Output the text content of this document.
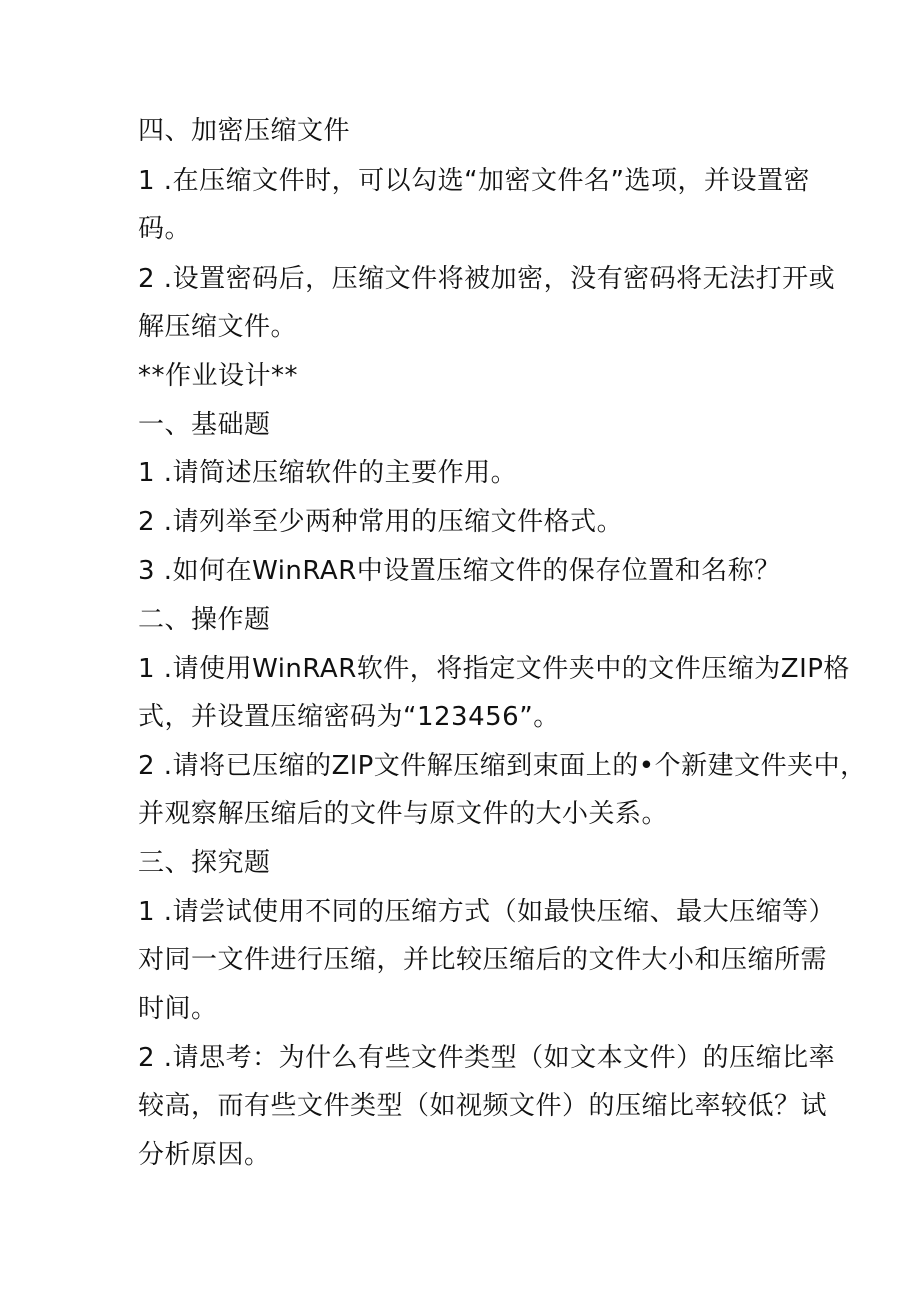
四、加密压缩文件
1 .在压缩文件时，可以勾选“加密文件名”选项，并设置密
码。
2 .设置密码后，压缩文件将被加密，没有密码将无法打开或
解压缩文件。
**作业设计**
一、基础题
1 .请简述压缩软件的主要作用。
2 .请列举至少两种常用的压缩文件格式。
3 .如何在WinRAR中设置压缩文件的保存位置和名称？
二、操作题
1 .请使用WinRAR软件，将指定文件夹中的文件压缩为ZIP格
式，并设置压缩密码为“123456”。
2 .请将已压缩的ZlP文件解压缩到束面上的•个新建文件夹中，
并观察解压缩后的文件与原文件的大小关系。
三、探究题
1 .请尝试使用不同的压缩方式（如最快压缩、最大压缩等）
对同一文件进行压缩，并比较压缩后的文件大小和压缩所需
时间。
2 .请思考：为什么有些文件类型（如文本文件）的压缩比率
较高，而有些文件类型（如视频文件）的压缩比率较低？试
分析原因。
